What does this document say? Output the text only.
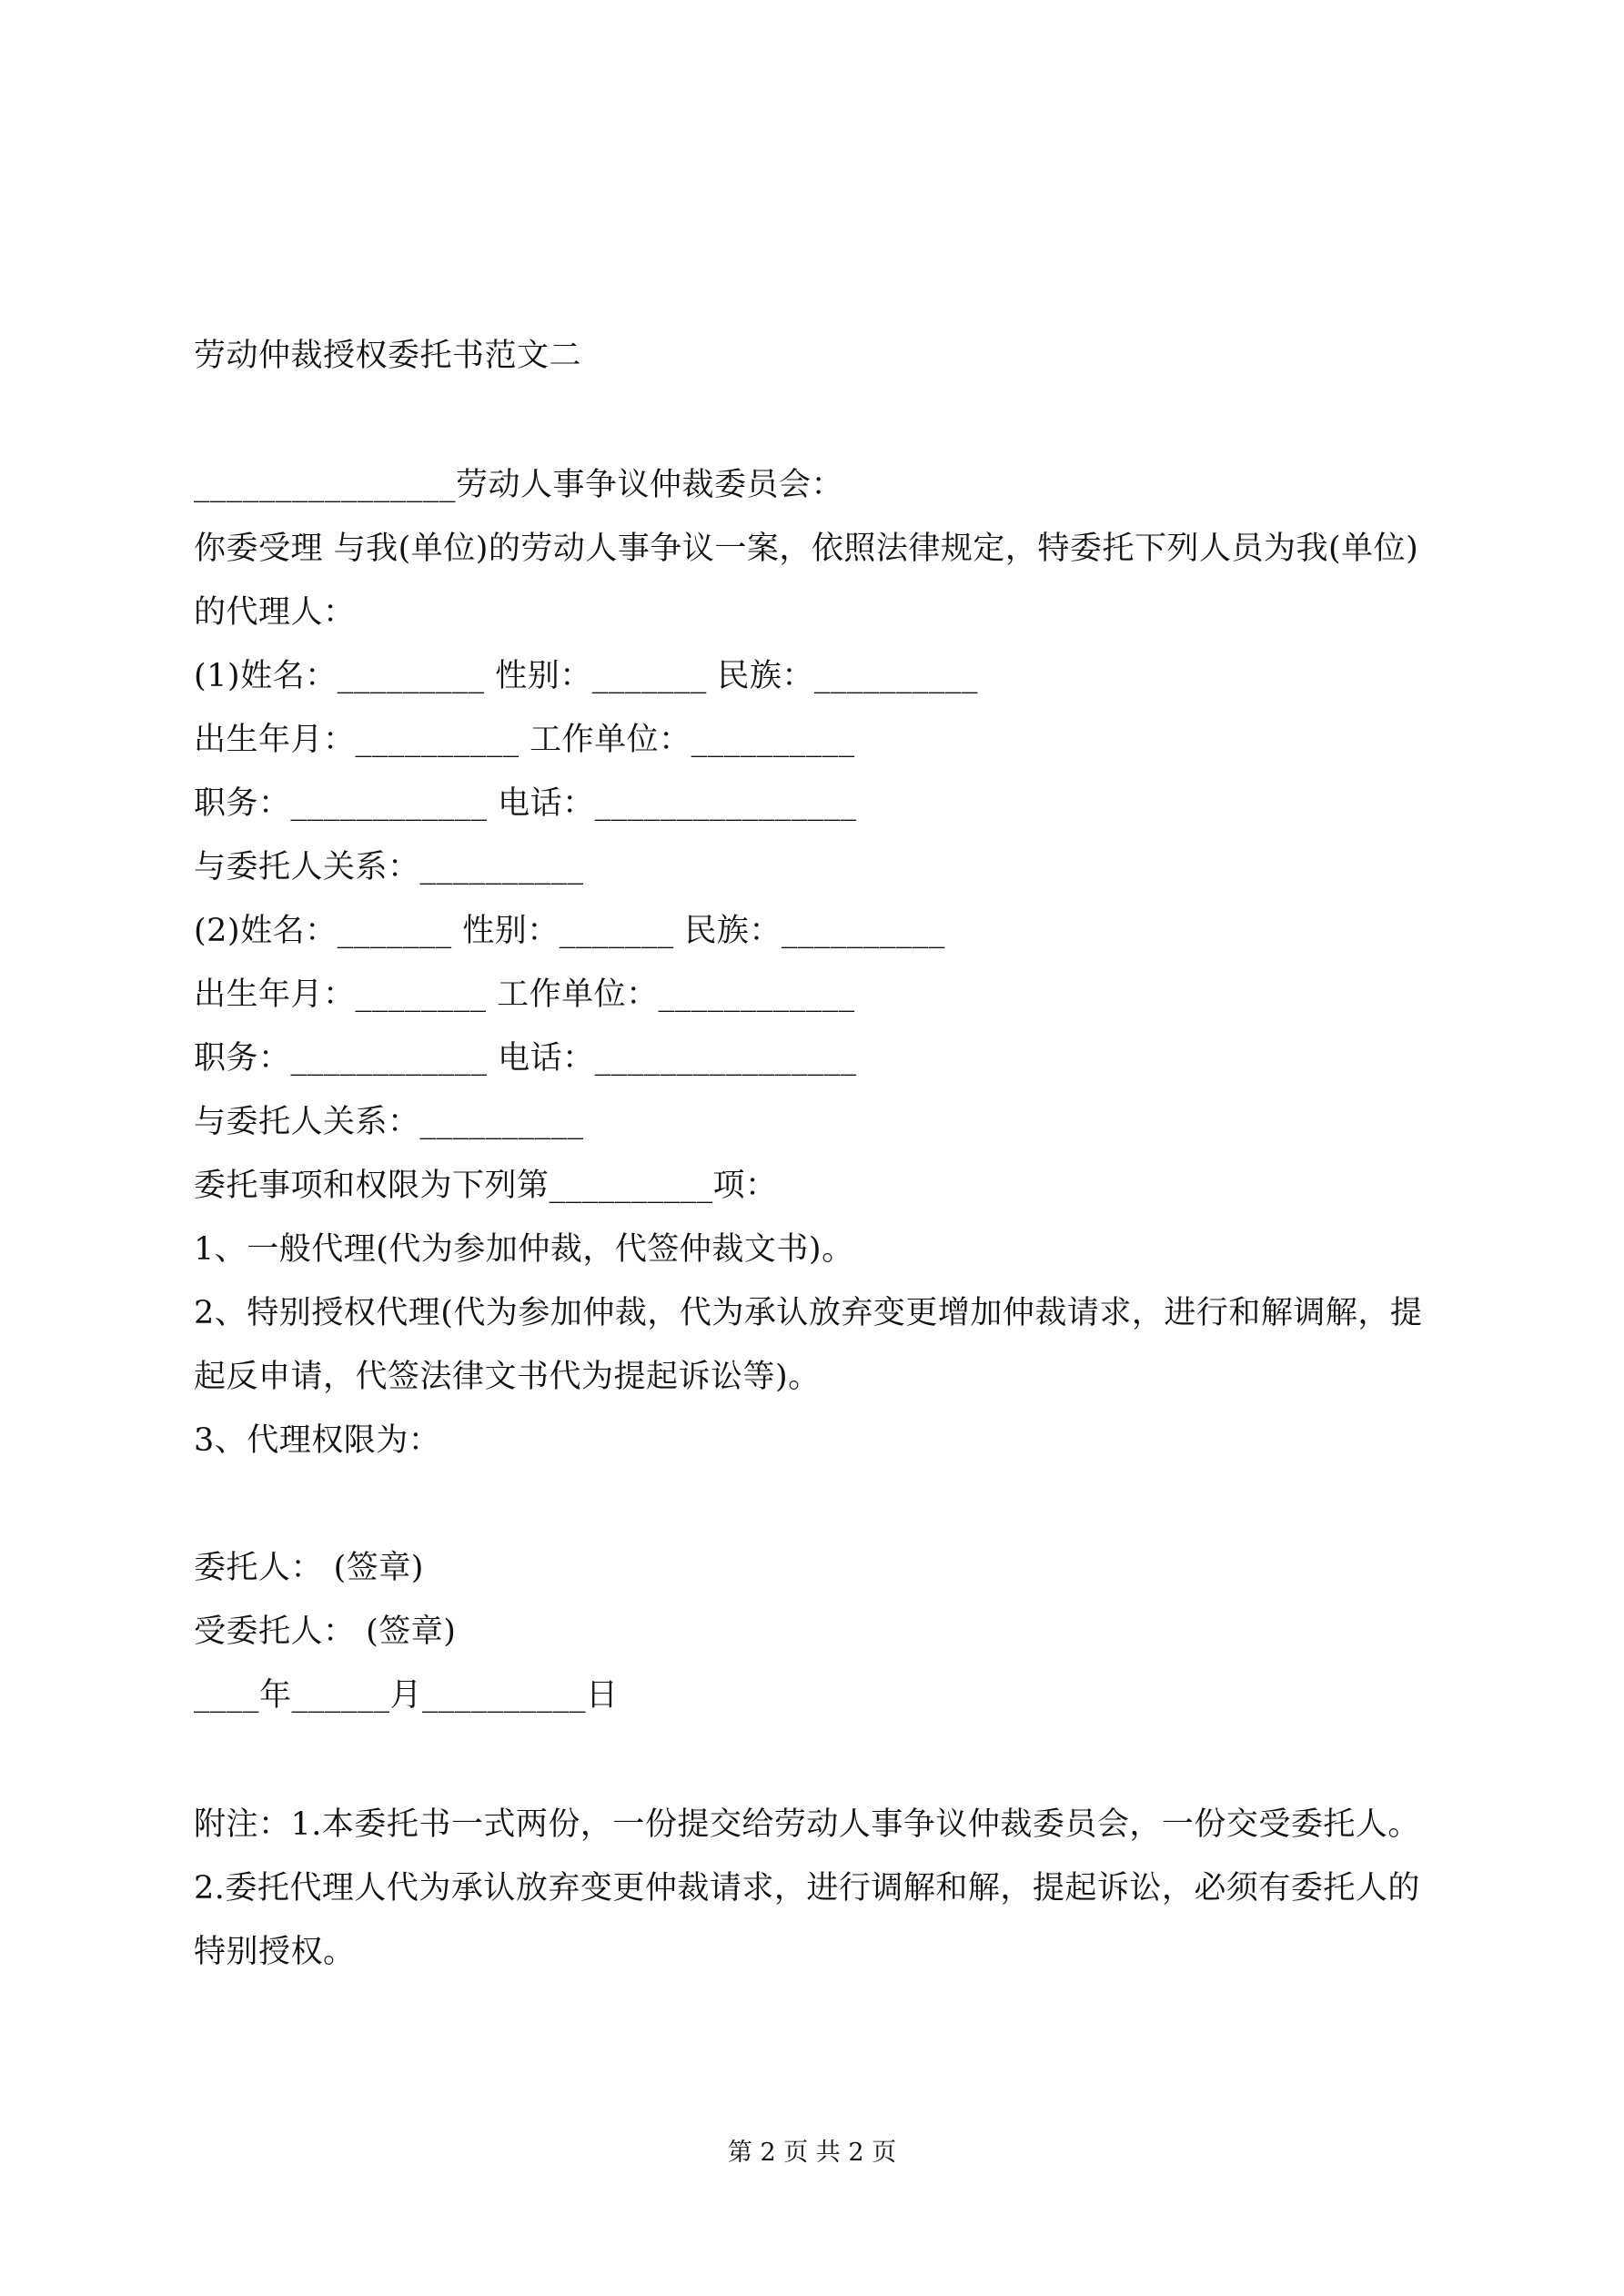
劳动仲裁授权委托书范文二
________________劳动人事争议仲裁委员会：
你委受理 与我(单位)的劳动人事争议一案，依照法律规定，特委托下列人员为我(单位)
的代理人：
(1)姓名：_________ 性别：_______ 民族：__________
出生年月：__________ 工作单位：__________
职务：____________ 电话：________________
与委托人关系：__________
(2)姓名：_______ 性别：_______ 民族：__________
出生年月：________ 工作单位：____________
职务：____________ 电话：________________
与委托人关系：__________
委托事项和权限为下列第__________项：
1、一般代理(代为参加仲裁，代签仲裁文书)。
2、特别授权代理(代为参加仲裁，代为承认放弃变更增加仲裁请求，进行和解调解，提
起反申请，代签法律文书代为提起诉讼等)。
3、代理权限为：
委托人： (签章)
受委托人： (签章)
____年______月__________日
附注：1.本委托书一式两份，一份提交给劳动人事争议仲裁委员会，一份交受委托人。
2.委托代理人代为承认放弃变更仲裁请求，进行调解和解，提起诉讼，必须有委托人的
特别授权。
第 2 页 共 2 页
